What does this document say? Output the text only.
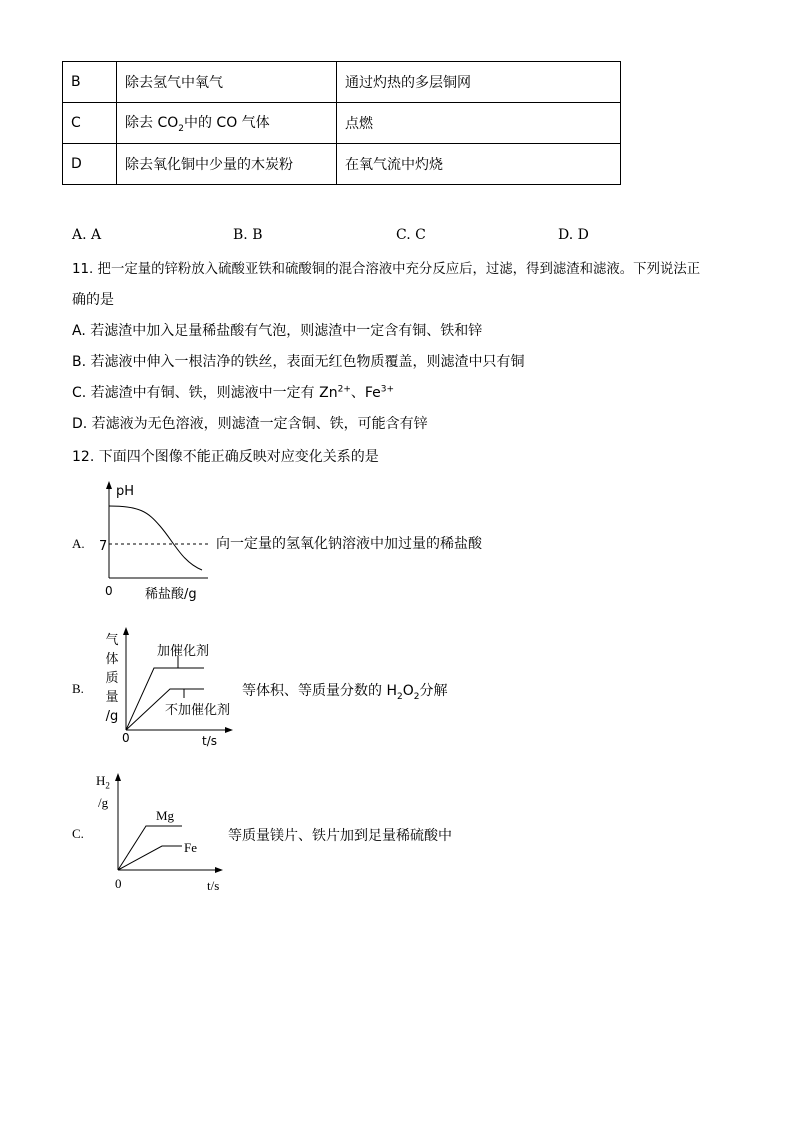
B	除去氢气中氧气	通过灼热的多层铜网
C	除去 $CO_2$中的 CO 气体	点燃
D	除去氧化铜中少量的木炭粉	在氧气流中灼烧
A. A	B. B	C. C	D. D
11. 把一定量的锌粉放入硫酸亚铁和硫酸铜的混合溶液中充分反应后，过滤，得到滤渣和滤液。下列说法正
确的是
A. 若滤渣中加入足量稀盐酸有气泡，则滤渣中一定含有铜、铁和锌
B. 若滤液中伸入一根洁净的铁丝，表面无红色物质覆盖，则滤渣中只有铜
C. 若滤渣中有铜、铁，则滤液中一定有 $Zn^{2+}$、$Fe^{3+}$
D. 若滤液为无色溶液，则滤渣一定含铜、铁，可能含有锌
12. 下面四个图像不能正确反映对应变化关系的是
A.
pH
7
0 稀盐酸/g
向一定量的氢氧化钠溶液中加过量的稀盐酸
B.
气
体
质
量
/g
0	t/s
加催化剂
不加催化剂
等体积、等质量分数的 $H_2O_2$分解
C.
$H_2$
/g
0	t/s
Mg
Fe
等质量镁片、铁片加到足量稀硫酸中
